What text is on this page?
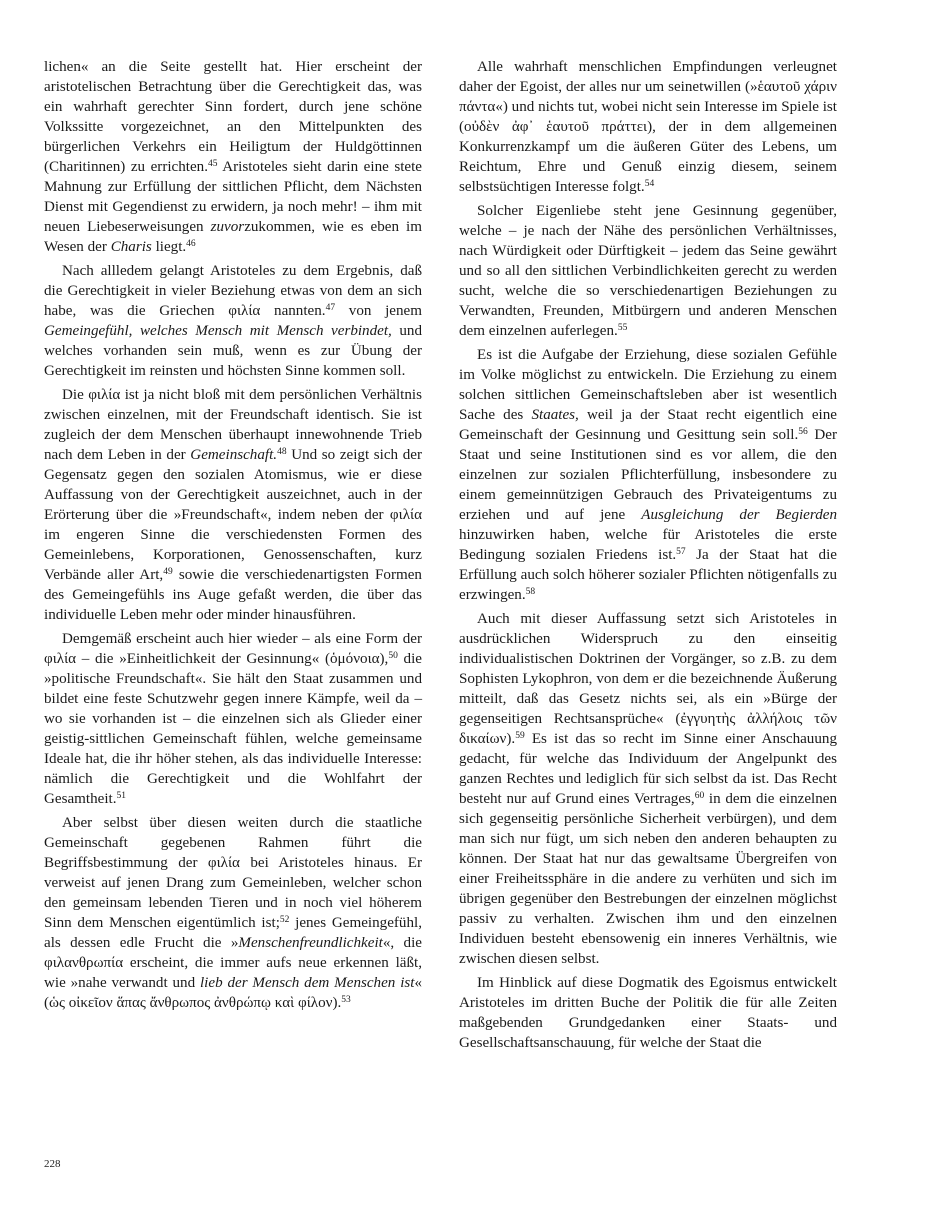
lichen« an die Seite gestellt hat. Hier erscheint der aristotelischen Betrachtung über die Gerechtigkeit das, was ein wahrhaft gerechter Sinn fordert, durch jene schöne Volkssitte vorgezeichnet, an den Mittelpunkten des bürgerlichen Verkehrs ein Heiligtum der Huldgöttinnen (Charitinnen) zu errichten.$^{45}$ Aristoteles sieht darin eine stete Mahnung zur Erfüllung der sittlichen Pflicht, dem Nächsten Dienst mit Gegendienst zu erwidern, ja noch mehr! – ihm mit neuen Liebeserweisungen zuvorzukommen, wie es eben im Wesen der Charis liegt.$^{46}$

Nach allledem gelangt Aristoteles zu dem Ergebnis, daß die Gerechtigkeit in vieler Beziehung etwas von dem an sich habe, was die Griechen φιλία nannten.$^{47}$ von jenem Gemeingefühl, welches Mensch mit Mensch verbindet, und welches vorhanden sein muß, wenn es zur Übung der Gerechtigkeit im reinsten und höchsten Sinne kommen soll.

Die φιλία ist ja nicht bloß mit dem persönlichen Verhältnis zwischen einzelnen, mit der Freundschaft identisch. Sie ist zugleich der dem Menschen überhaupt innewohnende Trieb nach dem Leben in der Gemeinschaft.$^{48}$ Und so zeigt sich der Gegensatz gegen den sozialen Atomismus, wie er diese Auffassung von der Gerechtigkeit auszeichnet, auch in der Erörterung über die »Freundschaft«, indem neben der φιλία im engeren Sinne die verschiedensten Formen des Gemeinlebens, Korporationen, Genossenschaften, kurz Verbände aller Art,$^{49}$ sowie die verschiedenartigsten Formen des Gemeingefühls ins Auge gefaßt werden, die über das individuelle Leben mehr oder minder hinausführen.

Demgemäß erscheint auch hier wieder – als eine Form der φιλία – die »Einheitlichkeit der Gesinnung« (ὁμόνοια),$^{50}$ die »politische Freundschaft«. Sie hält den Staat zusammen und bildet eine feste Schutzwehr gegen innere Kämpfe, weil da – wo sie vorhanden ist – die einzelnen sich als Glieder einer geistig-sittlichen Gemeinschaft fühlen, welche gemeinsame Ideale hat, die ihr höher stehen, als das individuelle Interesse: nämlich die Gerechtigkeit und die Wohlfahrt der Gesamtheit.$^{51}$

Aber selbst über diesen weiten durch die staatliche Gemeinschaft gegebenen Rahmen führt die Begriffsbestimmung der φιλία bei Aristoteles hinaus. Er verweist auf jenen Drang zum Gemeinleben, welcher schon den gemeinsam lebenden Tieren und in noch viel höherem Sinn dem Menschen eigentümlich ist;$^{52}$ jenes Gemeingefühl, als dessen edle Frucht die »Menschenfreundlichkeit«, die φιλανθρωπία erscheint, die immer aufs neue erkennen läßt, wie »nahe verwandt und lieb der Mensch dem Menschen ist« (ὡς οἰκεῖον ἅπας ἄνθρωπος ἀνθρώπῳ καὶ φίλον).$^{53}$

Alle wahrhaft menschlichen Empfindungen verleugnet daher der Egoist, der alles nur um seinetwillen (»ἑαυτοῦ χάριν πάντα«) und nichts tut, wobei nicht sein Interesse im Spiele ist (οὐδὲν ἀφ᾽ ἑαυτοῦ πράττει), der in dem allgemeinen Konkurrenzkampf um die äußeren Güter des Lebens, um Reichtum, Ehre und Genuß einzig diesem, seinem selbstsüchtigen Interesse folgt.$^{54}$

Solcher Eigenliebe steht jene Gesinnung gegenüber, welche – je nach der Nähe des persönlichen Verhältnisses, nach Würdigkeit oder Dürftigkeit – jedem das Seine gewährt und so all den sittlichen Verbindlichkeiten gerecht zu werden sucht, welche die so verschiedenartigen Beziehungen zu Verwandten, Freunden, Mitbürgern und anderen Menschen dem einzelnen auferlegen.$^{55}$

Es ist die Aufgabe der Erziehung, diese sozialen Gefühle im Volke möglichst zu entwickeln. Die Erziehung zu einem solchen sittlichen Gemeinschaftsleben aber ist wesentlich Sache des Staates, weil ja der Staat recht eigentlich eine Gemeinschaft der Gesinnung und Gesittung sein soll.$^{56}$ Der Staat und seine Institutionen sind es vor allem, die den einzelnen zur sozialen Pflichterfüllung, insbesondere zu einem gemeinnützigen Gebrauch des Privateigentums zu erziehen und auf jene Ausgleichung der Begierden hinzuwirken haben, welche für Aristoteles die erste Bedingung sozialen Friedens ist.$^{57}$ Ja der Staat hat die Erfüllung auch solch höherer sozialer Pflichten nötigenfalls zu erzwingen.$^{58}$

Auch mit dieser Auffassung setzt sich Aristoteles in ausdrücklichen Widerspruch zu den einseitig individualistischen Doktrinen der Vorgänger, so z.B. zu dem Sophisten Lykophron, von dem er die bezeichnende Äußerung mitteilt, daß das Gesetz nichts sei, als ein »Bürge der gegenseitigen Rechtsansprüche« (ἐγγυητὴς ἀλλήλοις τῶν δικαίων).$^{59}$ Es ist das so recht im Sinne einer Anschauung gedacht, für welche das Individuum der Angelpunkt des ganzen Rechtes und lediglich für sich selbst da ist. Das Recht besteht nur auf Grund eines Vertrages,$^{60}$ in dem die einzelnen sich gegenseitig persönliche Sicherheit verbürgen), und dem man sich nur fügt, um sich neben den anderen behaupten zu können. Der Staat hat nur das gewaltsame Übergreifen von einer Freiheitssphäre in die andere zu verhüten und sich im übrigen gegenüber den Bestrebungen der einzelnen möglichst passiv zu verhalten. Zwischen ihm und den einzelnen Individuen besteht ebensowenig ein inneres Verhältnis, wie zwischen diesen selbst.

Im Hinblick auf diese Dogmatik des Egoismus entwickelt Aristoteles im dritten Buche der Politik die für alle Zeiten maßgebenden Grundgedanken einer Staats- und Gesellschaftsanschauung, für welche der Staat die

228
